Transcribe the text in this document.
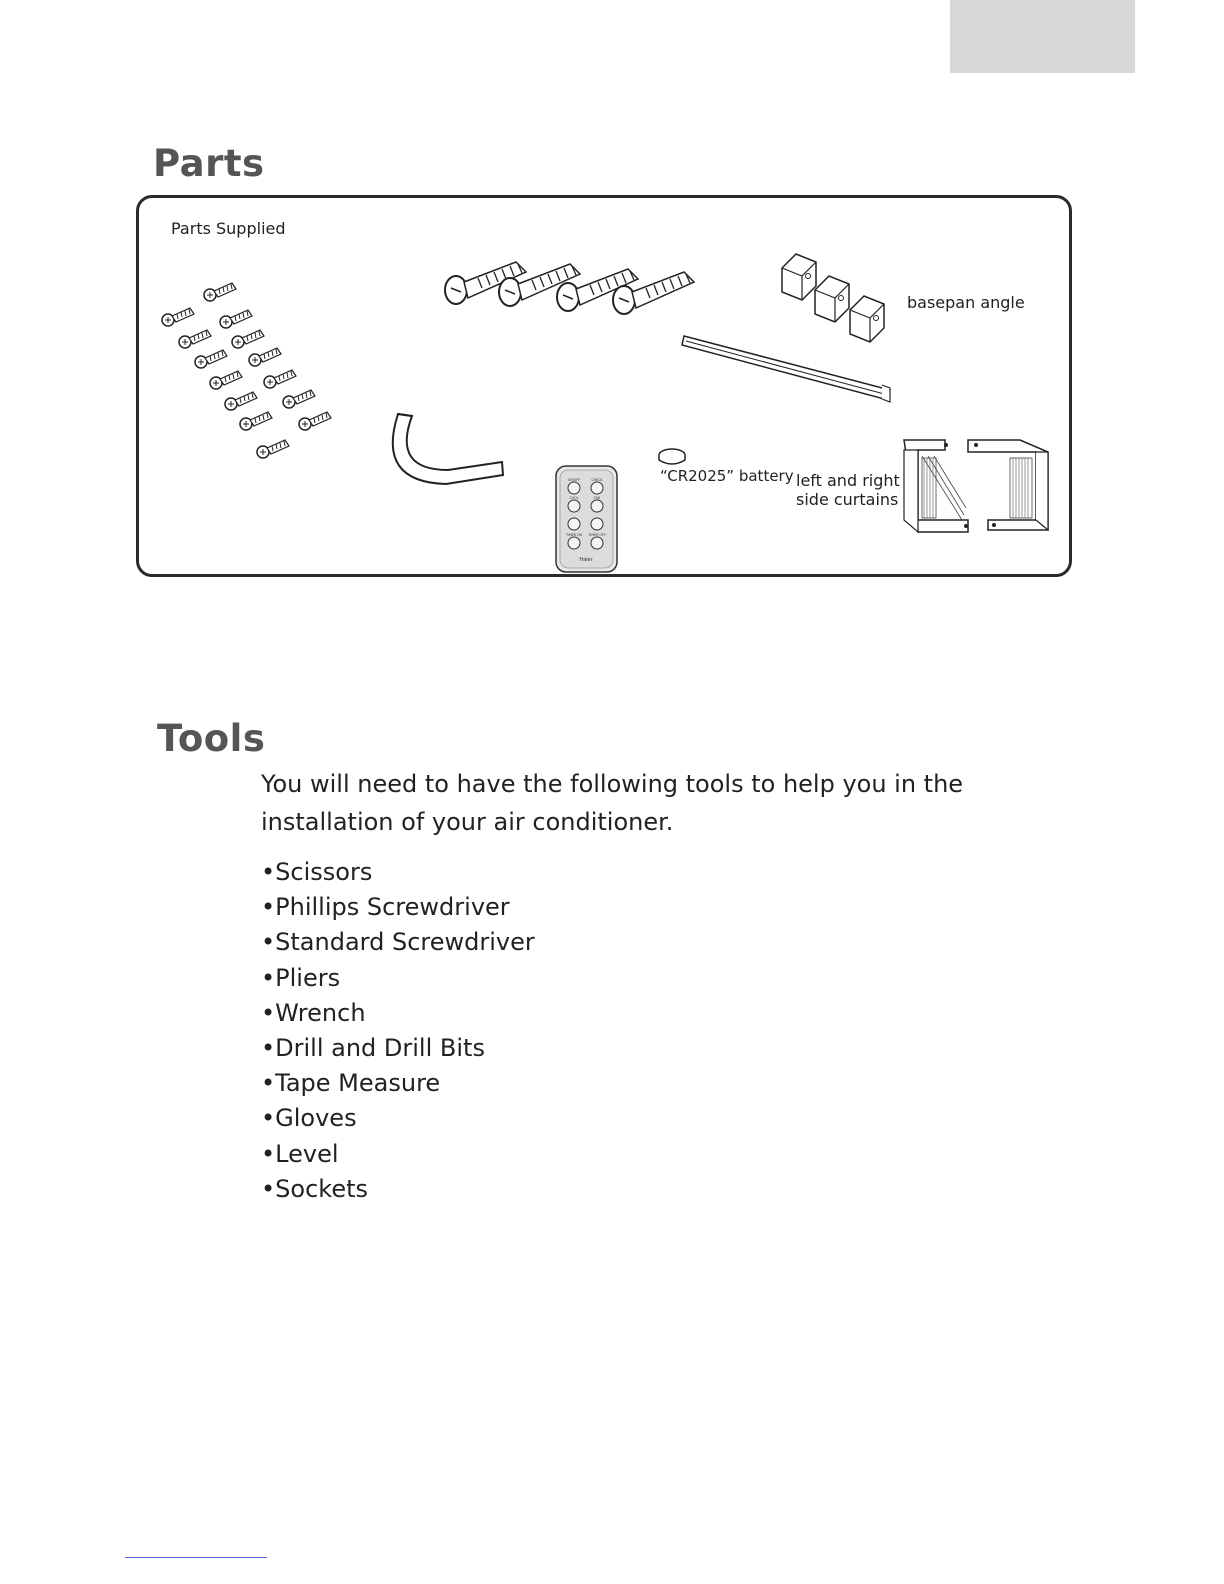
Parts
Haier
ON/OFF	CHECK
COOL	FAN
TIMER ON	TIMER OFF
Parts Supplied
basepan angle
“CR2025” battery left and right side curtains
Tools

You will need to have the following tools to help you in the installation of your air conditioner.

• Scissors
• Phillips Screwdriver
• Standard Screwdriver
• Pliers
• Wrench
• Drill and Drill Bits
• Tape Measure
• Gloves
• Level
• Sockets
